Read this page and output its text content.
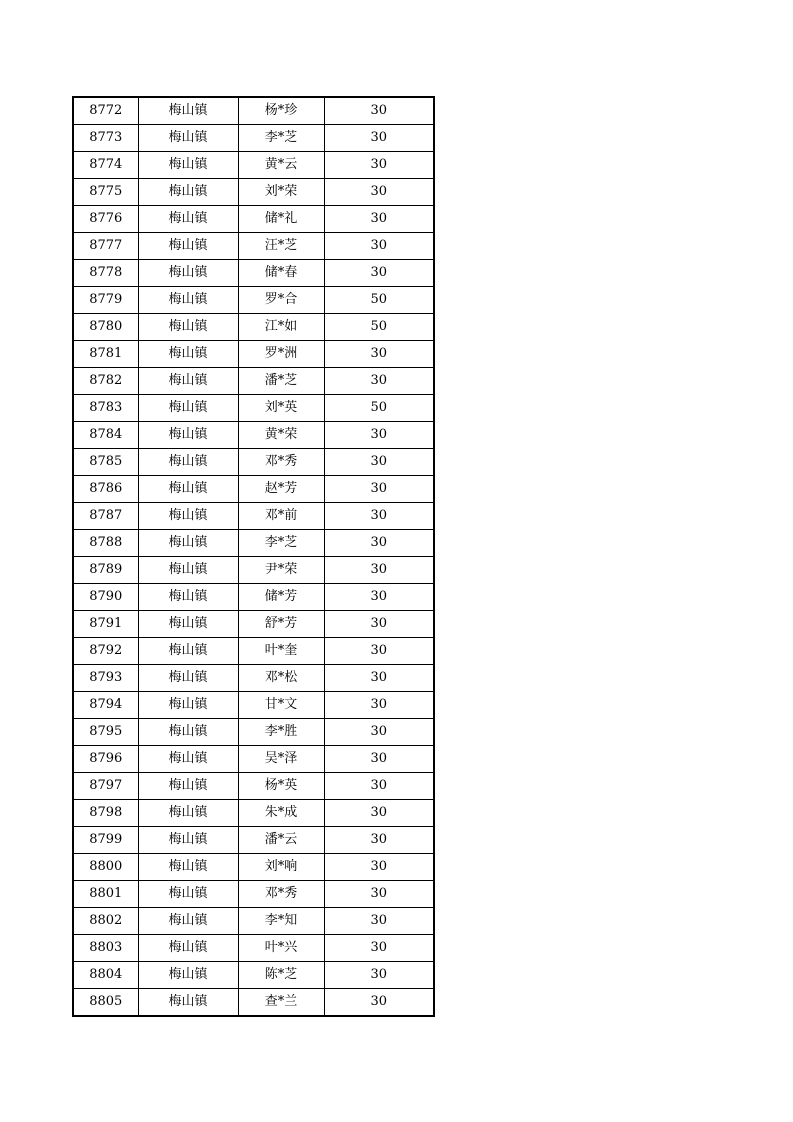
8772	梅山镇	杨*珍	30
8773	梅山镇	李*芝	30
8774	梅山镇	黄*云	30
8775	梅山镇	刘*荣	30
8776	梅山镇	储*礼	30
8777	梅山镇	汪*芝	30
8778	梅山镇	储*春	30
8779	梅山镇	罗*合	50
8780	梅山镇	江*如	50
8781	梅山镇	罗*洲	30
8782	梅山镇	潘*芝	30
8783	梅山镇	刘*英	50
8784	梅山镇	黄*荣	30
8785	梅山镇	邓*秀	30
8786	梅山镇	赵*芳	30
8787	梅山镇	邓*前	30
8788	梅山镇	李*芝	30
8789	梅山镇	尹*荣	30
8790	梅山镇	储*芳	30
8791	梅山镇	舒*芳	30
8792	梅山镇	叶*奎	30
8793	梅山镇	邓*松	30
8794	梅山镇	甘*文	30
8795	梅山镇	李*胜	30
8796	梅山镇	吴*泽	30
8797	梅山镇	杨*英	30
8798	梅山镇	朱*成	30
8799	梅山镇	潘*云	30
8800	梅山镇	刘*响	30
8801	梅山镇	邓*秀	30
8802	梅山镇	李*知	30
8803	梅山镇	叶*兴	30
8804	梅山镇	陈*芝	30
8805	梅山镇	查*兰	30
